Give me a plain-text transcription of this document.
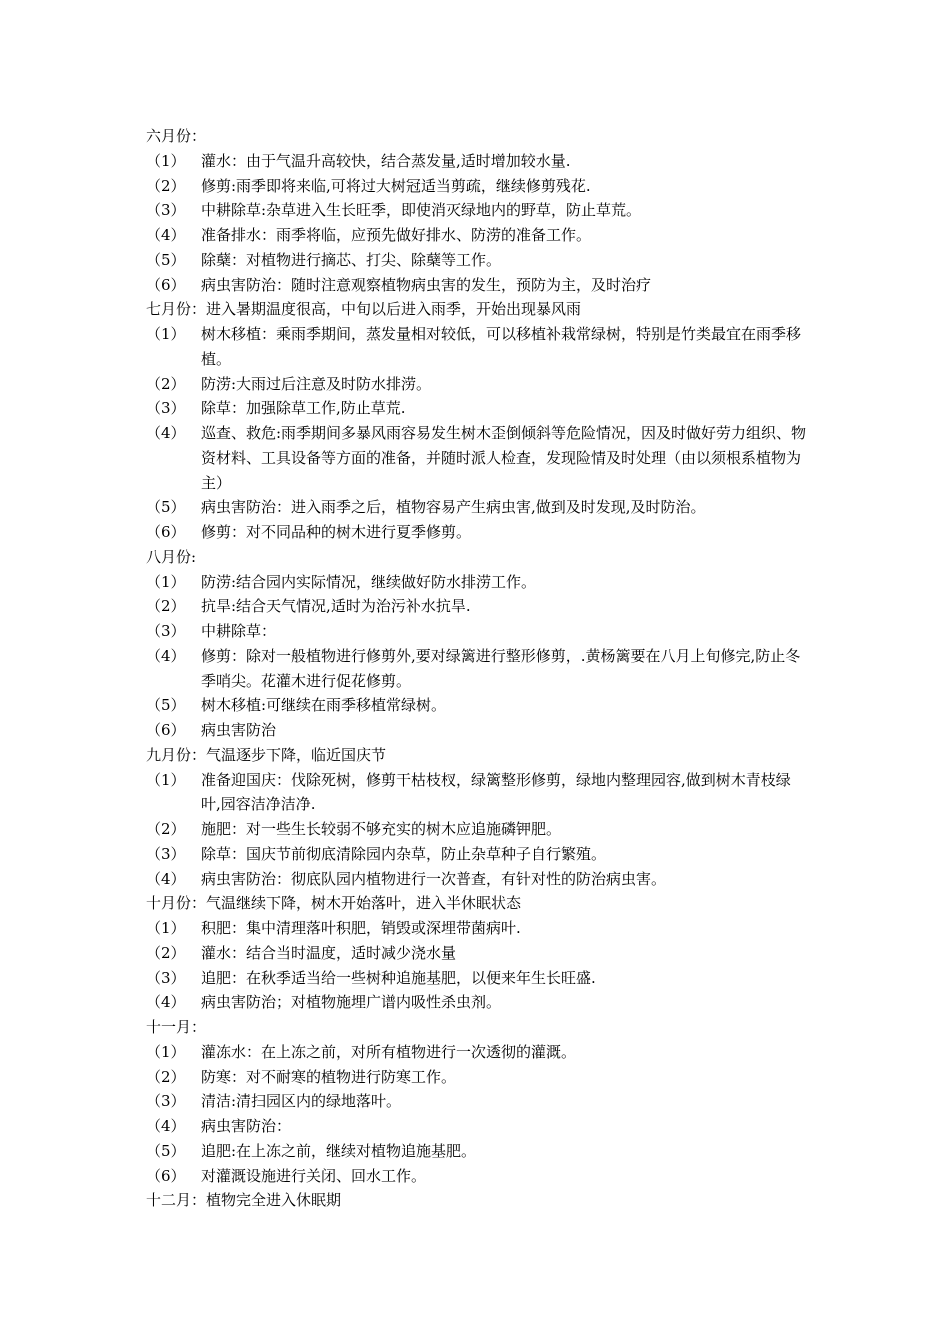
六月份：
（1）	灌水：由于气温升高较快，结合蒸发量,适时增加较水量.
（2）	修剪:雨季即将来临,可将过大树冠适当剪疏，继续修剪残花.
（3）	中耕除草:杂草进入生长旺季，即使消灭绿地内的野草，防止草荒。
（4）	准备排水：雨季将临，应预先做好排水、防涝的准备工作。
（5）	除蘖：对植物进行摘芯、打尖、除蘖等工作。
（6）	病虫害防治：随时注意观察植物病虫害的发生，预防为主，及时治疗
七月份：进入暑期温度很高，中旬以后进入雨季，开始出现暴风雨
（1）	树木移植：乘雨季期间，蒸发量相对较低，可以移植补栽常绿树，特别是竹类最宜在雨季移植。
（2）	防涝:大雨过后注意及时防水排涝。
（3）	除草：加强除草工作,防止草荒.
（4）	巡查、救危:雨季期间多暴风雨容易发生树木歪倒倾斜等危险情况，因及时做好劳力组织、物资材料、工具设备等方面的准备，并随时派人检查，发现险情及时处理（由以须根系植物为主）
（5）	病虫害防治：进入雨季之后，植物容易产生病虫害,做到及时发现,及时防治。
（6）	修剪：对不同品种的树木进行夏季修剪。
八月份:
（1）	防涝:结合园内实际情况，继续做好防水排涝工作。
（2）	抗旱:结合天气情况,适时为治污补水抗旱.
（3）	中耕除草：
（4）	修剪：除对一般植物进行修剪外,要对绿篱进行整形修剪，.黄杨篱要在八月上旬修完,防止冬季哨尖。花灌木进行促花修剪。
（5）	树木移植:可继续在雨季移植常绿树。
（6）	病虫害防治
九月份：气温逐步下降，临近国庆节
（1）	准备迎国庆：伐除死树，修剪干枯枝杈，绿篱整形修剪，绿地内整理园容,做到树木青枝绿叶,园容洁净洁净.
（2）	施肥：对一些生长较弱不够充实的树木应追施磷钾肥。
（3）	除草：国庆节前彻底清除园内杂草，防止杂草种子自行繁殖。
（4）	病虫害防治：彻底队园内植物进行一次普查，有针对性的防治病虫害。
十月份：气温继续下降，树木开始落叶，进入半休眠状态
（1）	积肥：集中清理落叶积肥，销毁或深埋带菌病叶.
（2）	灌水：结合当时温度，适时减少浇水量
（3）	追肥：在秋季适当给一些树种追施基肥，以便来年生长旺盛.
（4）	病虫害防治；对植物施埋广谱内吸性杀虫剂。
十一月：
（1）	灌冻水：在上冻之前，对所有植物进行一次透彻的灌溉。
（2）	防寒：对不耐寒的植物进行防寒工作。
（3）	清洁:清扫园区内的绿地落叶。
（4）	病虫害防治：
（5）	追肥:在上冻之前，继续对植物追施基肥。
（6）	对灌溉设施进行关闭、回水工作。
十二月：植物完全进入休眠期
